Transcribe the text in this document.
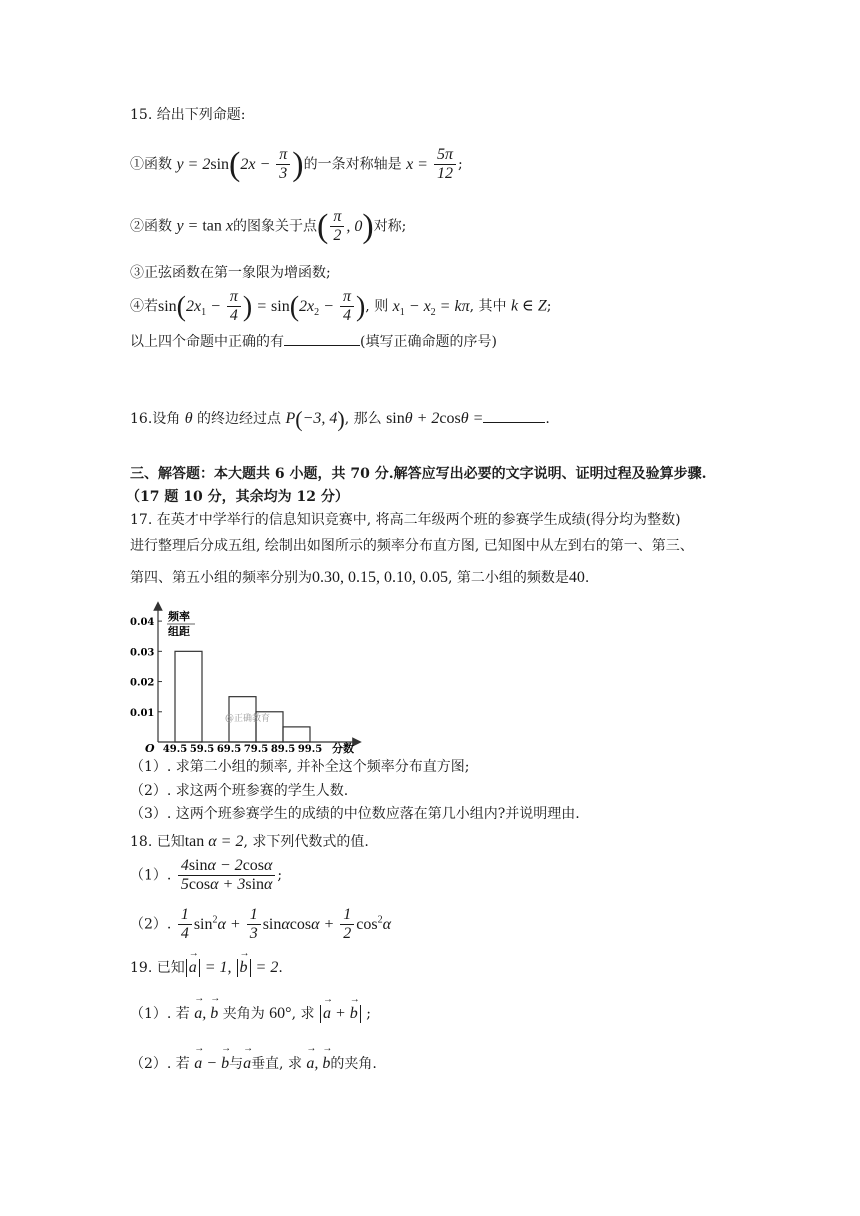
15. 给出下列命题:
①函数 $y = 2\sin(2x - \frac{\pi}{3}$ )的一条对称轴是 $x = \frac{5\pi}{12}$ ;
②函数 y = tan x的图象关于点( $\frac{\pi}{2}$ , 0)对称;
③正弦函数在第一象限为增函数;
④若$\sin(2x_1 - \frac{\pi}{4}$ ) = $\sin(2x_2 - \frac{\pi}{4}$ ), 则 $x_1 - x_2 = k\pi$, 其中 k ∈ Z;
以上四个命题中正确的有	(填写正确命题的序号)
16.设角 θ 的终边经过点 P(−3, 4), 那么 sinθ + 2cosθ =	.
三、解答题：本大题共 6 小题，共 70 分.解答应写出必要的文字说明、证明过程及验算步骤.
（17 题 10 分，其余均为 12 分）
17. 在英才中学举行的信息知识竞赛中, 将高二年级两个班的参赛学生成绩(得分均为整数)
进行整理后分成五组, 绘制出如图所示的频率分布直方图, 已知图中从左到右的第一、第三、
第四、第五小组的频率分别为0.30, 0.15, 0.10, 0.05, 第二小组的频数是40.
频率
组距
0.01
0.02
0.03
0.04
49.5 59.5 69.5 79.5 89.5 99.5
@正确教育
O	分数
（1）. 求第二小组的频率, 并补全这个频率分布直方图;
（2）. 求这两个班参赛的学生人数.
（3）. 这两个班参赛学生的成绩的中位数应落在第几小组内?并说明理由.
18. 已知tan α = 2, 求下列代数式的值.
（1）. $\frac{4\sin\alpha - 2\cos\alpha}{5\cos\alpha + 3\sin\alpha}$ ;
（2）. $\frac{1}{4} \sin^2\alpha + \frac{1}{3}$ $\sin\alpha\cos\alpha + \frac{1}{2} \cos^2\alpha$
19. 已知 → a = 1, → b = 2.
（1）. 若 → a, → b 夹角为 60°, 求 → a + → b ;
（2）. 若 → a − → b与→ a垂直, 求 → a, → b的夹角.
